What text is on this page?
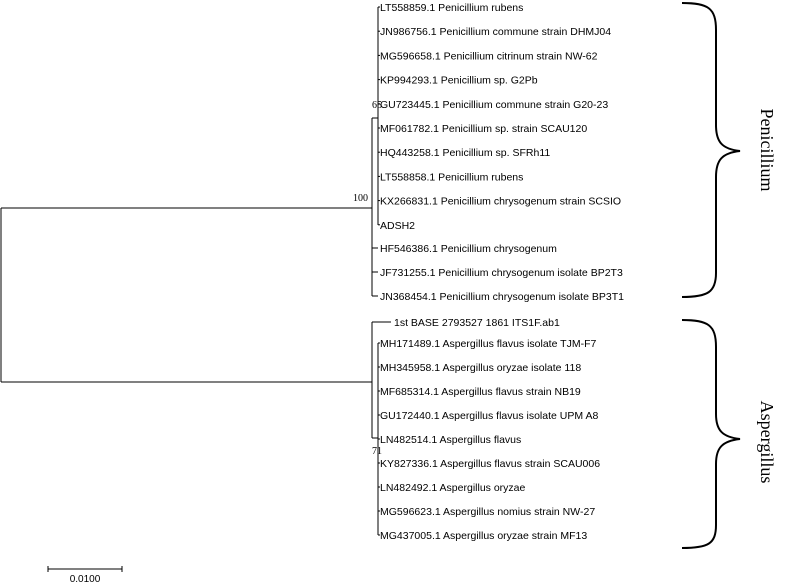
LT558859.1 Penicillium rubens
JN986756.1 Penicillium commune strain DHMJ04
MG596658.1 Penicillium citrinum strain NW-62
KP994293.1 Penicillium sp. G2Pb
GU723445.1 Penicillium commune strain G20-23
MF061782.1 Penicillium sp. strain SCAU120
HQ443258.1 Penicillium sp. SFRh11
LT558858.1 Penicillium rubens
KX266831.1 Penicillium chrysogenum strain SCSIO
ADSH2
HF546386.1 Penicillium chrysogenum
JF731255.1 Penicillium chrysogenum isolate BP2T3
JN368454.1 Penicillium chrysogenum isolate BP3T1
MH171489.1 Aspergillus flavus isolate TJM-F7
MH345958.1 Aspergillus oryzae isolate 118
MF685314.1 Aspergillus flavus strain NB19
GU172440.1 Aspergillus flavus isolate UPM A8
LN482514.1 Aspergillus flavus
KY827336.1 Aspergillus flavus strain SCAU006
LN482492.1 Aspergillus oryzae
MG596623.1 Aspergillus nomius strain NW-27
MG437005.1 Aspergillus oryzae strain MF13
1st BASE 2793527 1861 ITS1F.ab1
100
65
71
Penicillium
Aspergillus
0.0100
